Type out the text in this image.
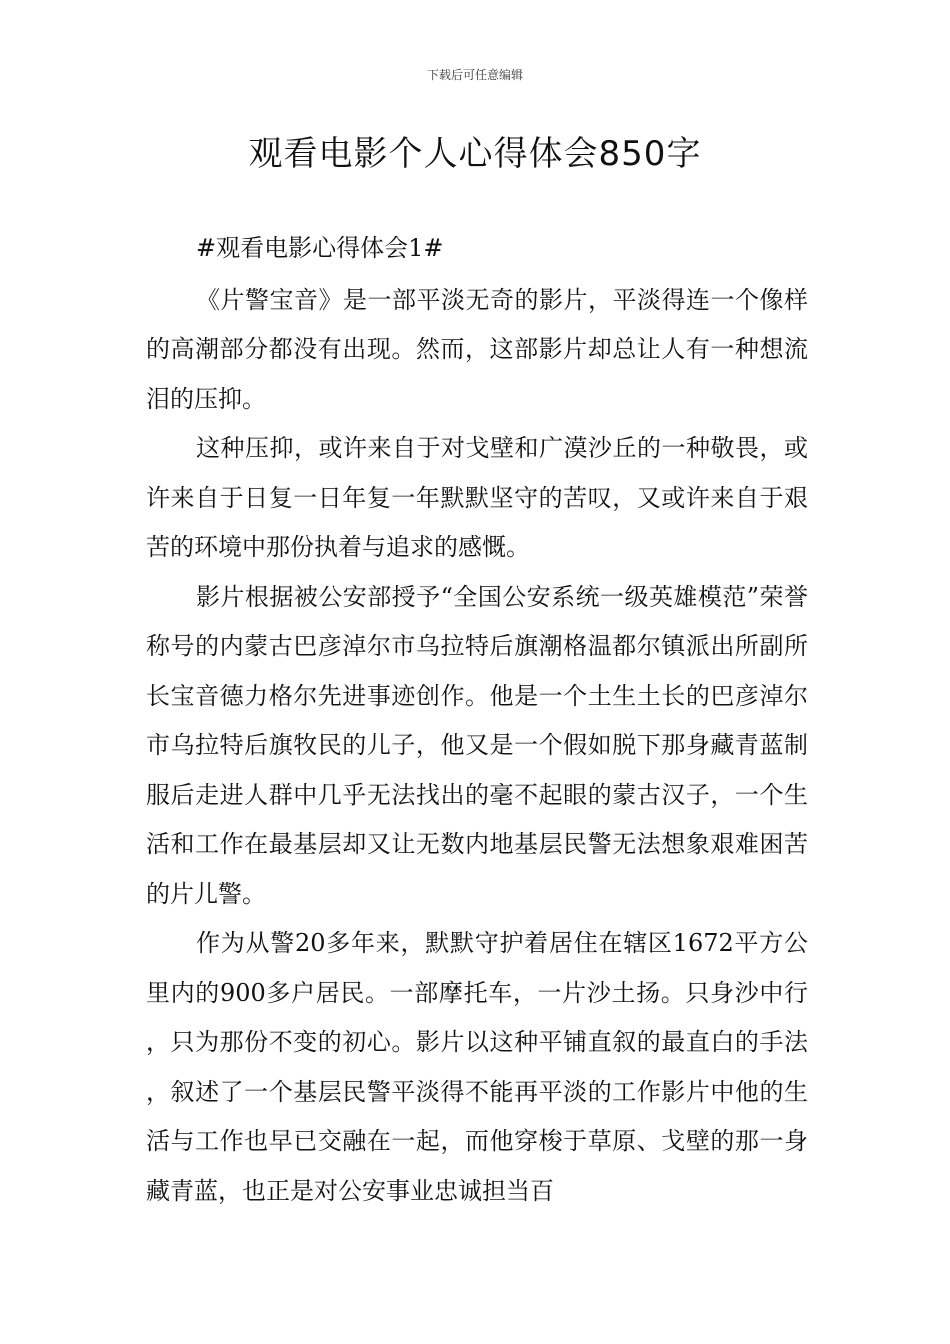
下载后可任意编辑
观看电影个人心得体会850字

#观看电影心得体会1#

《片警宝音》是一部平淡无奇的影片，平淡得连一个像样的高潮部分都没有出现。然而，这部影片却总让人有一种想流泪的压抑。

这种压抑，或许来自于对戈壁和广漠沙丘的一种敬畏，或许来自于日复一日年复一年默默坚守的苦叹，又或许来自于艰苦的环境中那份执着与追求的感慨。

影片根据被公安部授予“全国公安系统一级英雄模范”荣誉称号的内蒙古巴彦淖尔市乌拉特后旗潮格温都尔镇派出所副所长宝音德力格尔先进事迹创作。他是一个土生土长的巴彦淖尔市乌拉特后旗牧民的儿子，他又是一个假如脱下那身藏青蓝制服后走进人群中几乎无法找出的毫不起眼的蒙古汉子，一个生活和工作在最基层却又让无数内地基层民警无法想象艰难困苦的片儿警。

作为从警20多年来，默默守护着居住在辖区1672平方公里内的900多户居民。一部摩托车，一片沙土扬。只身沙中行，只为那份不变的初心。影片以这种平铺直叙的最直白的手法，叙述了一个基层民警平淡得不能再平淡的工作影片中他的生活与工作也早已交融在一起，而他穿梭于草原、戈壁的那一身藏青蓝，也正是对公安事业忠诚担当百
